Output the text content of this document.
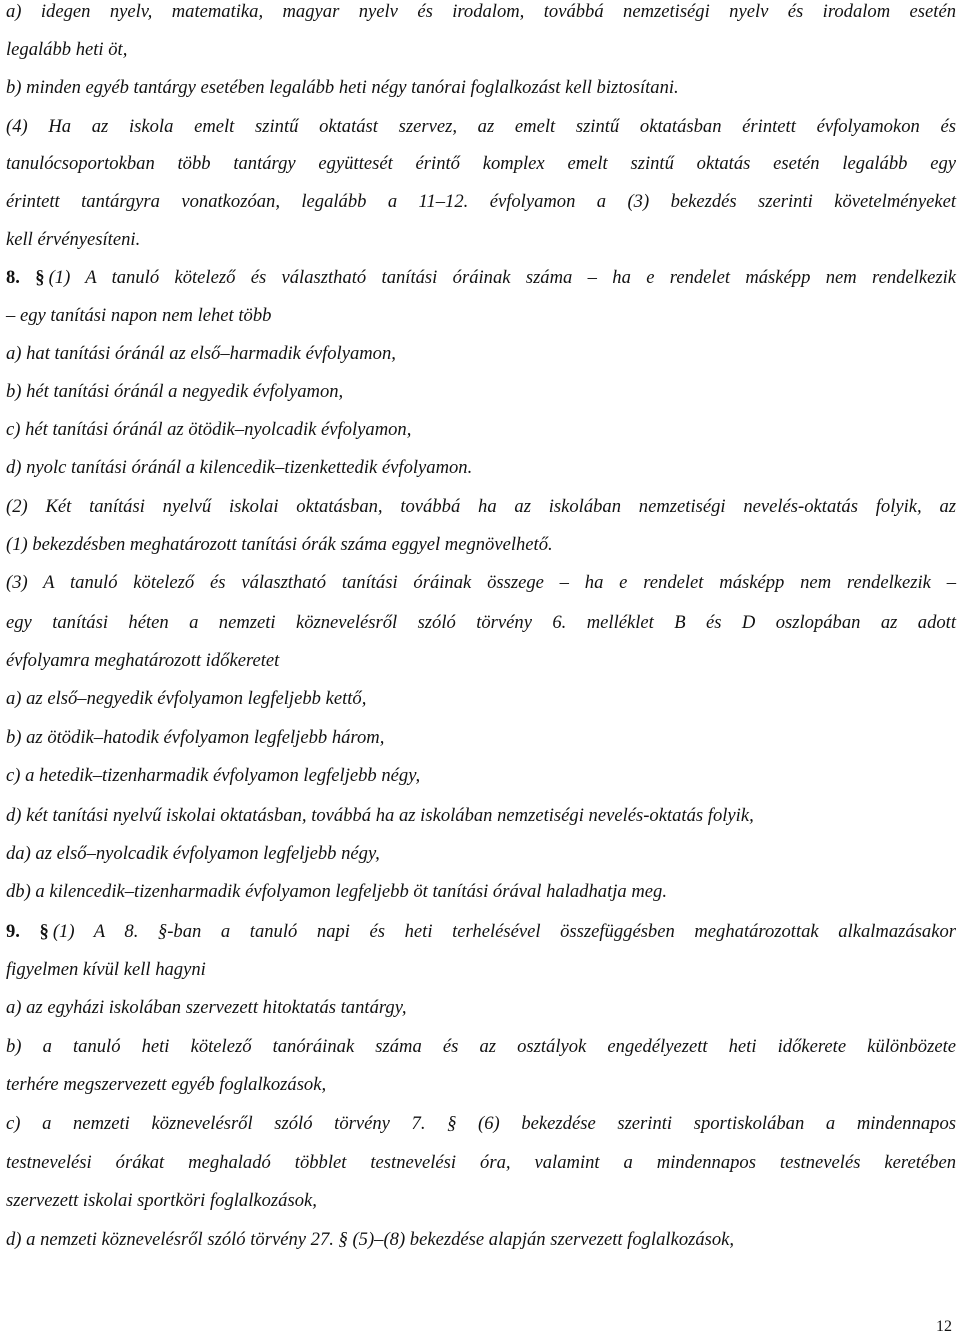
a) idegen nyelv, matematika, magyar nyelv és irodalom, továbbá nemzetiségi nyelv és irodalom esetén
legalább heti öt,
b) minden egyéb tantárgy esetében legalább heti négy tanórai foglalkozást kell biztosítani.
(4) Ha az iskola emelt szintű oktatást szervez, az emelt szintű oktatásban érintett évfolyamokon és
tanulócsoportokban több tantárgy együttesét érintő komplex emelt szintű oktatás esetén legalább egy
érintett tantárgyra vonatkozóan, legalább a 11–12. évfolyamon a (3) bekezdés szerinti követelményeket
kell érvényesíteni.
8. § (1) A tanuló kötelező és választható tanítási óráinak száma – ha e rendelet másképp nem rendelkezik
– egy tanítási napon nem lehet több
a) hat tanítási óránál az első–harmadik évfolyamon,
b) hét tanítási óránál a negyedik évfolyamon,
c) hét tanítási óránál az ötödik–nyolcadik évfolyamon,
d) nyolc tanítási óránál a kilencedik–tizenkettedik évfolyamon.
(2) Két tanítási nyelvű iskolai oktatásban, továbbá ha az iskolában nemzetiségi nevelés-oktatás folyik, az
(1) bekezdésben meghatározott tanítási órák száma eggyel megnövelhető.
(3) A tanuló kötelező és választható tanítási óráinak összege – ha e rendelet másképp nem rendelkezik –
egy tanítási héten a nemzeti köznevelésről szóló törvény 6. melléklet B és D oszlopában az adott
évfolyamra meghatározott időkeretet
a) az első–negyedik évfolyamon legfeljebb kettő,
b) az ötödik–hatodik évfolyamon legfeljebb három,
c) a hetedik–tizenharmadik évfolyamon legfeljebb négy,
d) két tanítási nyelvű iskolai oktatásban, továbbá ha az iskolában nemzetiségi nevelés-oktatás folyik,
da) az első–nyolcadik évfolyamon legfeljebb négy,
db) a kilencedik–tizenharmadik évfolyamon legfeljebb öt tanítási órával haladhatja meg.
9. § (1) A 8. §-ban a tanuló napi és heti terhelésével összefüggésben meghatározottak alkalmazásakor
figyelmen kívül kell hagyni
a) az egyházi iskolában szervezett hitoktatás tantárgy,
b) a tanuló heti kötelező tanóráinak száma és az osztályok engedélyezett heti időkerete különbözete
terhére megszervezett egyéb foglalkozások,
c) a nemzeti köznevelésről szóló törvény 7. § (6) bekezdése szerinti sportiskolában a mindennapos
testnevelési órákat meghaladó többlet testnevelési óra, valamint a mindennapos testnevelés keretében
szervezett iskolai sportköri foglalkozások,
d) a nemzeti köznevelésről szóló törvény 27. § (5)–(8) bekezdése alapján szervezett foglalkozások,
12
